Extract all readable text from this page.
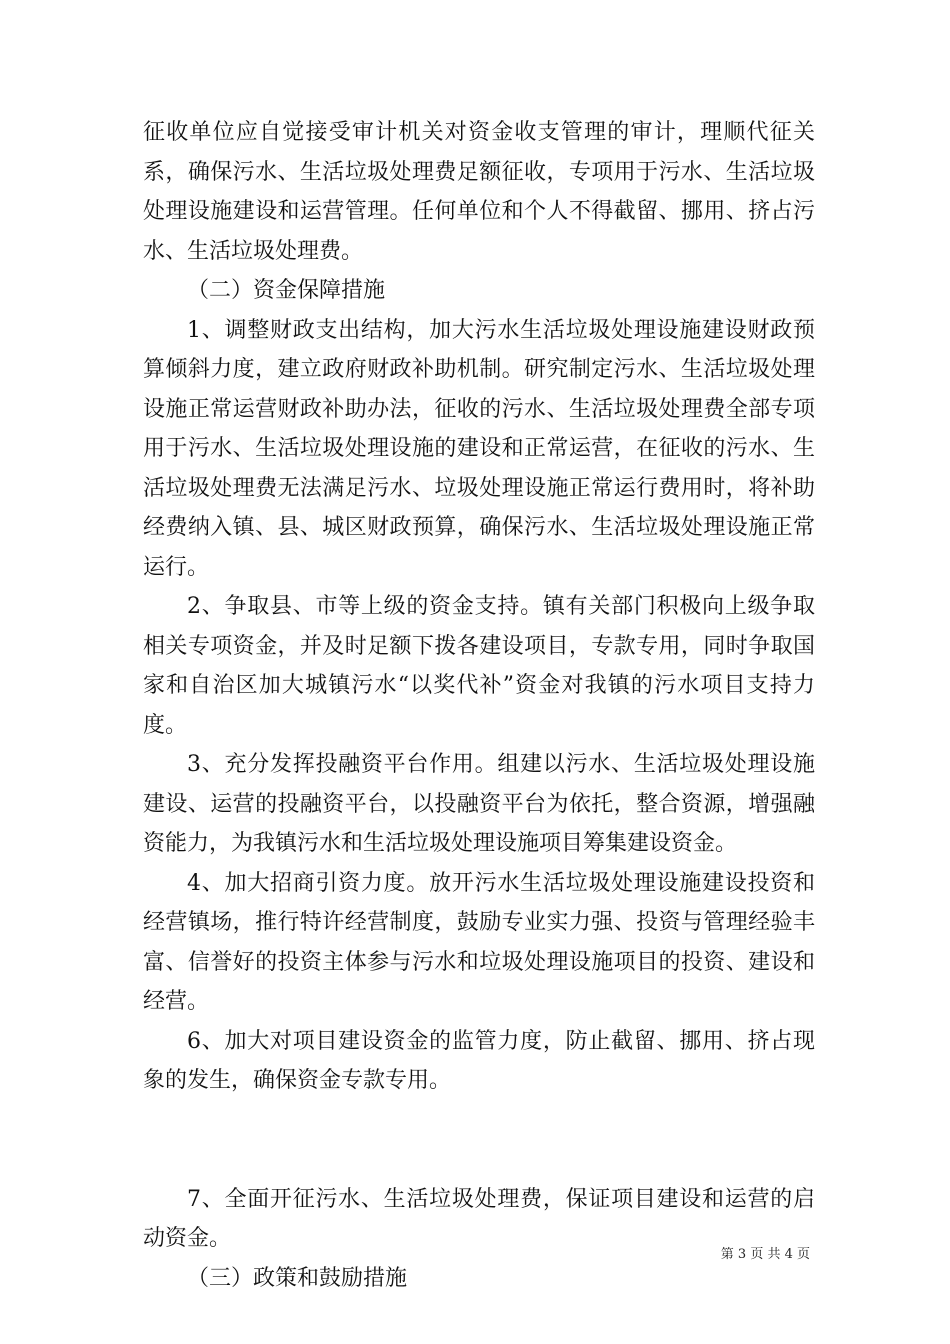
征收单位应自觉接受审计机关对资金收支管理的审计，理顺代征关系，确保污水、生活垃圾处理费足额征收，专项用于污水、生活垃圾处理设施建设和运营管理。任何单位和个人不得截留、挪用、挤占污水、生活垃圾处理费。

（二）资金保障措施

1、调整财政支出结构，加大污水生活垃圾处理设施建设财政预算倾斜力度，建立政府财政补助机制。研究制定污水、生活垃圾处理设施正常运营财政补助办法，征收的污水、生活垃圾处理费全部专项用于污水、生活垃圾处理设施的建设和正常运营，在征收的污水、生活垃圾处理费无法满足污水、垃圾处理设施正常运行费用时，将补助经费纳入镇、县、城区财政预算，确保污水、生活垃圾处理设施正常运行。

2、争取县、市等上级的资金支持。镇有关部门积极向上级争取相关专项资金，并及时足额下拨各建设项目，专款专用，同时争取国家和自治区加大城镇污水“以奖代补”资金对我镇的污水项目支持力度。

3、充分发挥投融资平台作用。组建以污水、生活垃圾处理设施建设、运营的投融资平台，以投融资平台为依托，整合资源，增强融资能力，为我镇污水和生活垃圾处理设施项目筹集建设资金。

4、加大招商引资力度。放开污水生活垃圾处理设施建设投资和经营镇场，推行特许经营制度，鼓励专业实力强、投资与管理经验丰富、信誉好的投资主体参与污水和垃圾处理设施项目的投资、建设和经营。

6、加大对项目建设资金的监管力度，防止截留、挪用、挤占现象的发生，确保资金专款专用。

7、全面开征污水、生活垃圾处理费，保证项目建设和运营的启动资金。

（三）政策和鼓励措施

第 3 页 共 4 页
